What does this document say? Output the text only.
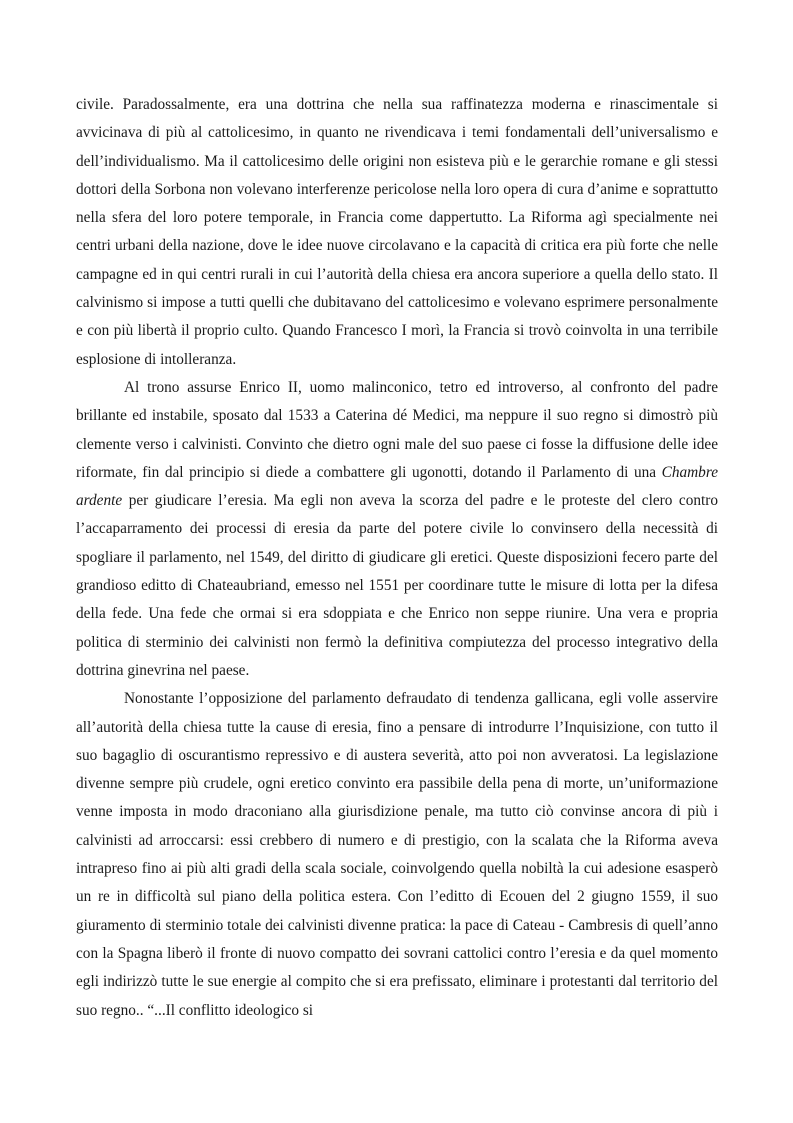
civile. Paradossalmente, era una dottrina che nella sua raffinatezza moderna e rinascimentale si avvicinava di più al cattolicesimo, in quanto ne rivendicava i temi fondamentali dell’universalismo e dell’individualismo. Ma il cattolicesimo delle origini non esisteva più e le gerarchie romane e gli stessi dottori della Sorbona non volevano interferenze pericolose nella loro opera di cura d’anime e soprattutto nella sfera del loro potere temporale, in Francia come dappertutto. La Riforma agì specialmente nei centri urbani della nazione, dove le idee nuove circolavano e la capacità di critica era più forte che nelle campagne ed in qui centri rurali in cui l’autorità della chiesa era ancora superiore a quella dello stato. Il calvinismo si impose a tutti quelli che dubitavano del cattolicesimo e volevano esprimere personalmente e con più libertà il proprio culto. Quando Francesco I morì, la Francia si trovò coinvolta in una terribile esplosione di intolleranza.

Al trono assurse Enrico II, uomo malinconico, tetro ed introverso, al confronto del padre brillante ed instabile, sposato dal 1533 a Caterina dé Medici, ma neppure il suo regno si dimostrò più clemente verso i calvinisti. Convinto che dietro ogni male del suo paese ci fosse la diffusione delle idee riformate, fin dal principio si diede a combattere gli ugonotti, dotando il Parlamento di una Chambre ardente per giudicare l’eresia. Ma egli non aveva la scorza del padre e le proteste del clero contro l’accaparramento dei processi di eresia da parte del potere civile lo convinsero della necessità di spogliare il parlamento, nel 1549, del diritto di giudicare gli eretici. Queste disposizioni fecero parte del grandioso editto di Chateaubriand, emesso nel 1551 per coordinare tutte le misure di lotta per la difesa della fede. Una fede che ormai si era sdoppiata e che Enrico non seppe riunire. Una vera e propria politica di sterminio dei calvinisti non fermò la definitiva compiutezza del processo integrativo della dottrina ginevrina nel paese.

Nonostante l’opposizione del parlamento defraudato di tendenza gallicana, egli volle asservire all’autorità della chiesa tutte la cause di eresia, fino a pensare di introdurre l’Inquisizione, con tutto il suo bagaglio di oscurantismo repressivo e di austera severità, atto poi non avveratosi. La legislazione divenne sempre più crudele, ogni eretico convinto era passibile della pena di morte, un’uniformazione venne imposta in modo draconiano alla giurisdizione penale, ma tutto ciò convinse ancora di più i calvinisti ad arroccarsi: essi crebbero di numero e di prestigio, con la scalata che la Riforma aveva intrapreso fino ai più alti gradi della scala sociale, coinvolgendo quella nobiltà la cui adesione esasperò un re in difficoltà sul piano della politica estera. Con l’editto di Ecouen del 2 giugno 1559, il suo giuramento di sterminio totale dei calvinisti divenne pratica: la pace di Cateau - Cambresis di quell’anno con la Spagna liberò il fronte di nuovo compatto dei sovrani cattolici contro l’eresia e da quel momento egli indirizzò tutte le sue energie al compito che si era prefissato, eliminare i protestanti dal territorio del suo regno.. “...Il conflitto ideologico si
